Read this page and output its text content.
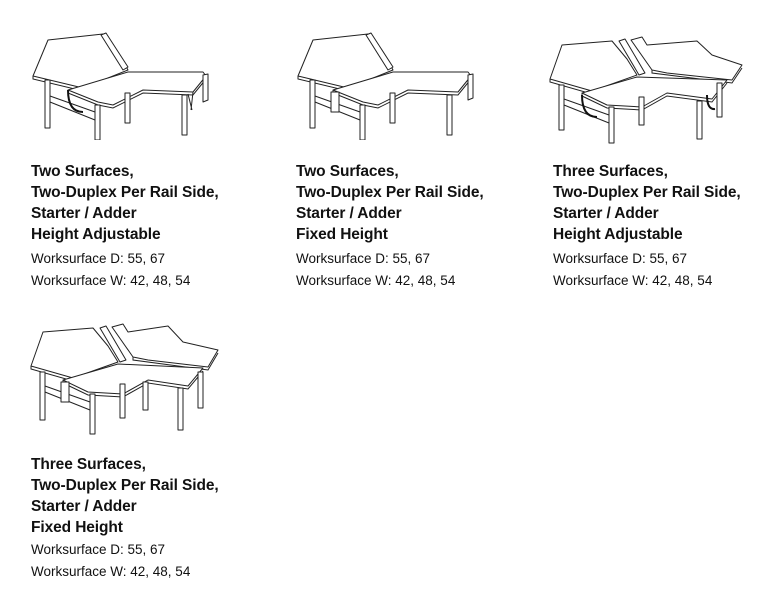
Two Surfaces,
Two-Duplex Per Rail Side,
Starter / Adder
Height Adjustable
Worksurface D: 55, 67
Worksurface W: 42, 48, 54
Two Surfaces,
Two-Duplex Per Rail Side,
Starter / Adder
Fixed Height
Worksurface D: 55, 67
Worksurface W: 42, 48, 54
Three Surfaces,
Two-Duplex Per Rail Side,
Starter / Adder
Height Adjustable
Worksurface D: 55, 67
Worksurface W: 42, 48, 54
Three Surfaces,
Two-Duplex Per Rail Side,
Starter / Adder
Fixed Height
Worksurface D: 55, 67
Worksurface W: 42, 48, 54
